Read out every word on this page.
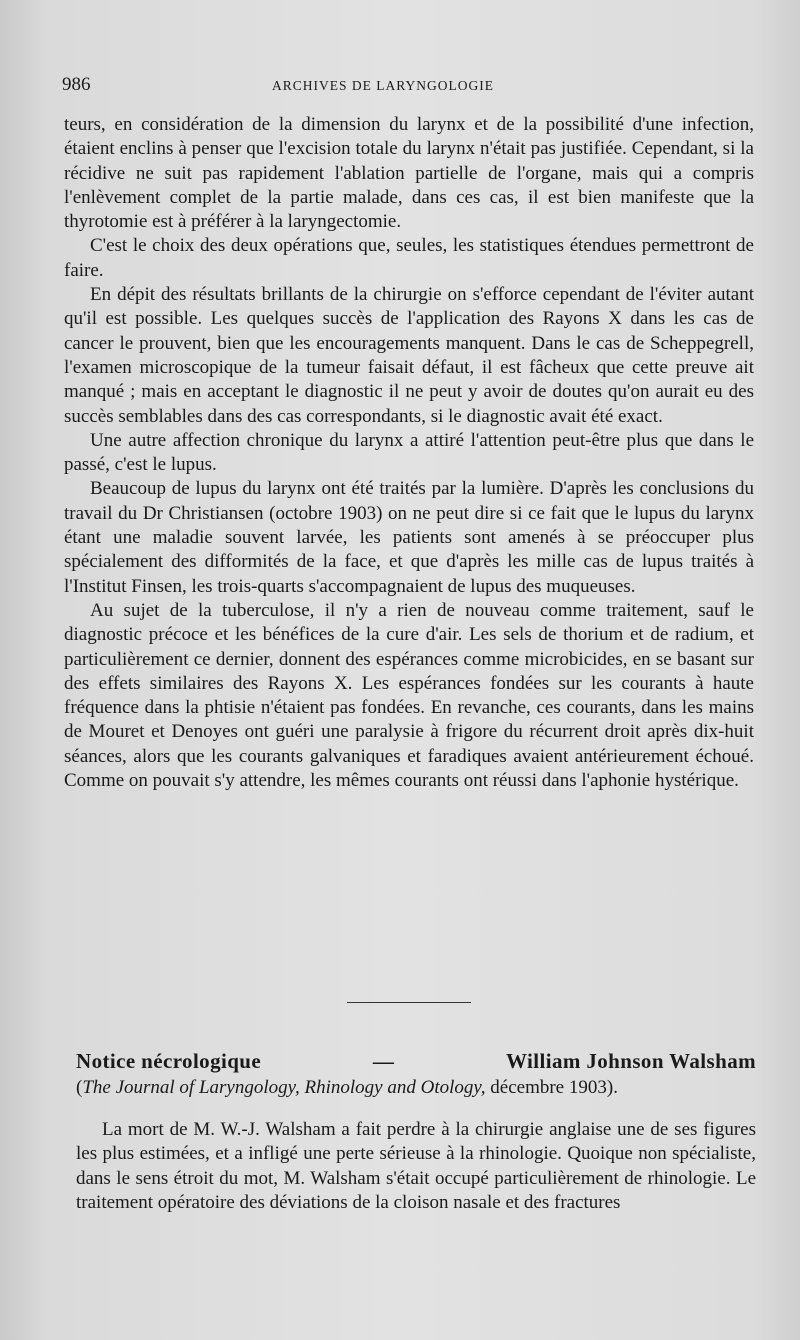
986	ARCHIVES DE LARYNGOLOGIE

teurs, en considération de la dimension du larynx et de la possibilité d'une infection, étaient enclins à penser que l'excision totale du larynx n'était pas justifiée. Cependant, si la récidive ne suit pas rapidement l'ablation partielle de l'organe, mais qui a compris l'enlèvement complet de la partie malade, dans ces cas, il est bien manifeste que la thyrotomie est à préférer à la laryngectomie.

C'est le choix des deux opérations que, seules, les statistiques étendues permettront de faire.

En dépit des résultats brillants de la chirurgie on s'efforce cependant de l'éviter autant qu'il est possible. Les quelques succès de l'application des Rayons X dans les cas de cancer le prouvent, bien que les encouragements manquent. Dans le cas de Scheppegrell, l'examen microscopique de la tumeur faisait défaut, il est fâcheux que cette preuve ait manqué ; mais en acceptant le diagnostic il ne peut y avoir de doutes qu'on aurait eu des succès semblables dans des cas correspondants, si le diagnostic avait été exact.

Une autre affection chronique du larynx a attiré l'attention peut-être plus que dans le passé, c'est le lupus.

Beaucoup de lupus du larynx ont été traités par la lumière. D'après les conclusions du travail du Dr Christiansen (octobre 1903) on ne peut dire si ce fait que le lupus du larynx étant une maladie souvent larvée, les patients sont amenés à se préoccuper plus spécialement des difformités de la face, et que d'après les mille cas de lupus traités à l'Institut Finsen, les trois-quarts s'accompagnaient de lupus des muqueuses.

Au sujet de la tuberculose, il n'y a rien de nouveau comme traitement, sauf le diagnostic précoce et les bénéfices de la cure d'air. Les sels de thorium et de radium, et particulièrement ce dernier, donnent des espérances comme microbicides, en se basant sur des effets similaires des Rayons X. Les espérances fondées sur les courants à haute fréquence dans la phtisie n'étaient pas fondées. En revanche, ces courants, dans les mains de Mouret et Denoyes ont guéri une paralysie à frigore du récurrent droit après dix-huit séances, alors que les courants galvaniques et faradiques avaient antérieurement échoué. Comme on pouvait s'y attendre, les mêmes courants ont réussi dans l'aphonie hystérique.

Notice nécrologique	—	William Johnson Walsham
(The Journal of Laryngology, Rhinology and Otology, décembre 1903).

La mort de M. W.-J. Walsham a fait perdre à la chirurgie anglaise une de ses figures les plus estimées, et a infligé une perte sérieuse à la rhinologie. Quoique non spécialiste, dans le sens étroit du mot, M. Walsham s'était occupé particulièrement de rhinologie. Le traitement opératoire des déviations de la cloison nasale et des fractures
